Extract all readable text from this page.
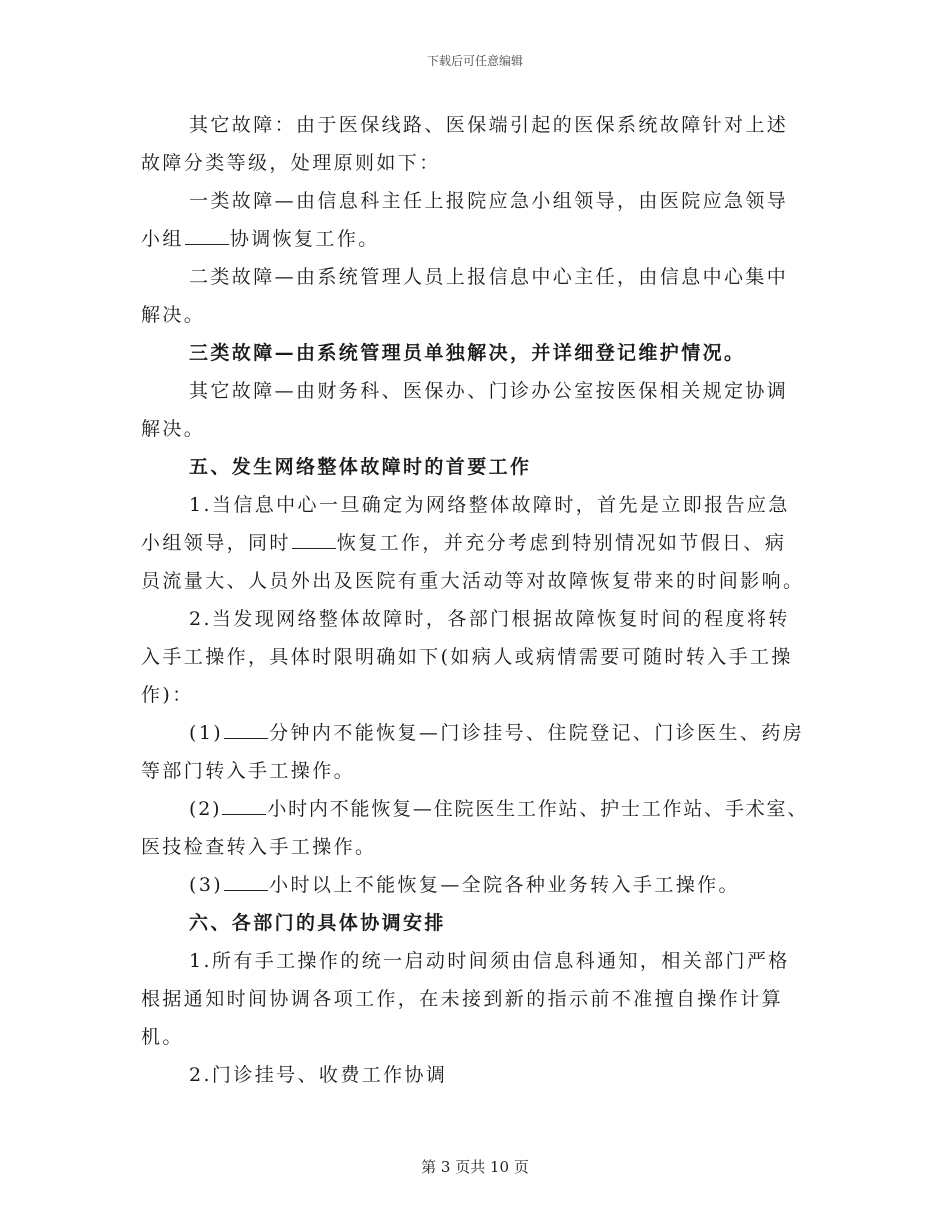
下载后可任意编辑
其它故障：由于医保线路、医保端引起的医保系统故障针对上述
故障分类等级，处理原则如下：
一类故障—由信息科主任上报院应急小组领导，由医院应急领导
小组 协调恢复工作。
二类故障—由系统管理人员上报信息中心主任，由信息中心集中
解决。
三类故障—由系统管理员单独解决，并详细登记维护情况。
其它故障—由财务科、医保办、门诊办公室按医保相关规定协调
解决。
五、发生网络整体故障时的首要工作
1.当信息中心一旦确定为网络整体故障时，首先是立即报告应急
小组领导，同时 恢复工作，并充分考虑到特别情况如节假日、病
员流量大、人员外出及医院有重大活动等对故障恢复带来的时间影响。
2.当发现网络整体故障时，各部门根据故障恢复时间的程度将转
入手工操作，具体时限明确如下(如病人或病情需要可随时转入手工操
作)：
(1) 分钟内不能恢复—门诊挂号、住院登记、门诊医生、药房
等部门转入手工操作。
(2) 小时内不能恢复—住院医生工作站、护士工作站、手术室、
医技检查转入手工操作。
(3) 小时以上不能恢复—全院各种业务转入手工操作。
六、各部门的具体协调安排
1.所有手工操作的统一启动时间须由信息科通知，相关部门严格
根据通知时间协调各项工作，在未接到新的指示前不准擅自操作计算
机。
2.门诊挂号、收费工作协调
第 3 页共 10 页
